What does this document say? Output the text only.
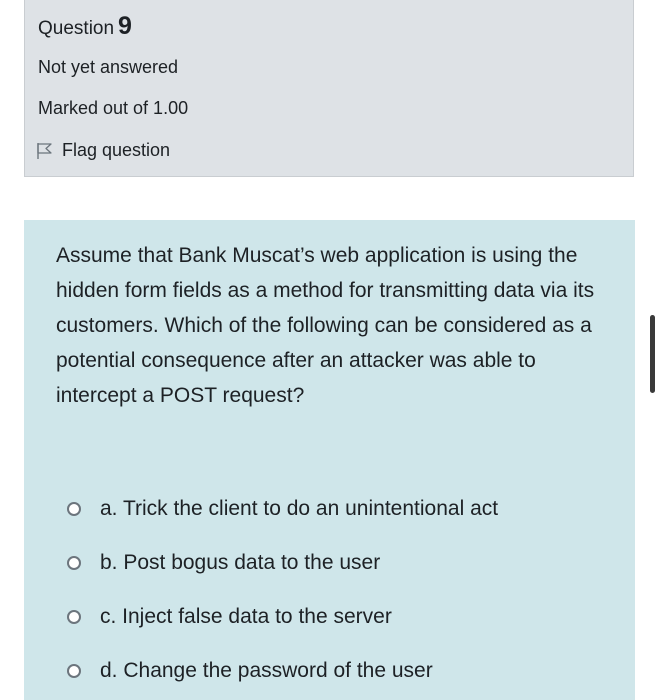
Question 9
Not yet answered
Marked out of 1.00
Flag question
Assume that Bank Muscat’s web application is using the hidden form fields as a method for transmitting data via its customers. Which of the following can be considered as a potential consequence after an attacker was able to intercept a POST request?
a. Trick the client to do an unintentional act
b. Post bogus data to the user
c. Inject false data to the server
d. Change the password of the user
